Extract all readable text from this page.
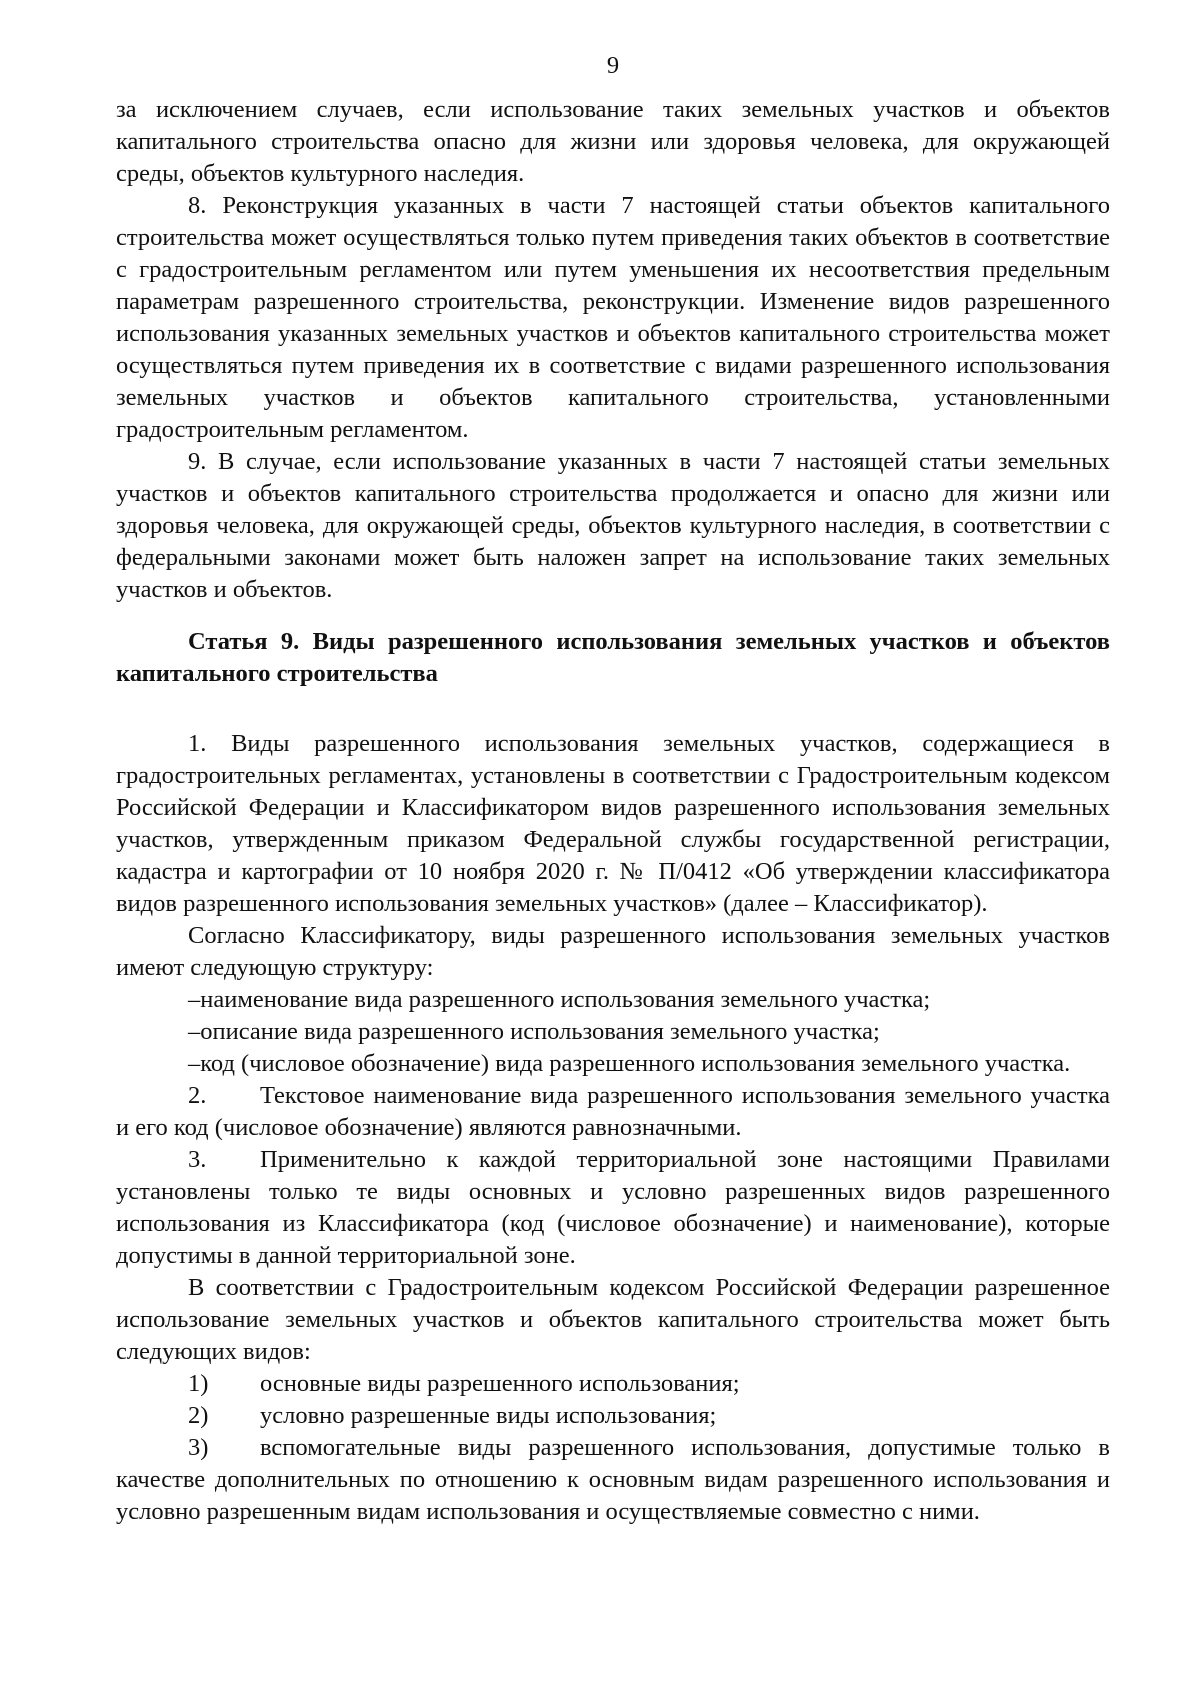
9

за исключением случаев, если использование таких земельных участков и объектов капитального строительства опасно для жизни или здоровья человека, для окружающей среды, объектов культурного наследия.

8. Реконструкция указанных в части 7 настоящей статьи объектов капитального строительства может осуществляться только путем приведения таких объектов в соответствие с градостроительным регламентом или путем уменьшения их несоответствия предельным параметрам разрешенного строительства, реконструкции. Изменение видов разрешенного использования указанных земельных участков и объектов капитального строительства может осуществляться путем приведения их в соответствие с видами разрешенного использования земельных участков и объектов капитального строительства, установленными градостроительным регламентом.

9. В случае, если использование указанных в части 7 настоящей статьи земельных участков и объектов капитального строительства продолжается и опасно для жизни или здоровья человека, для окружающей среды, объектов культурного наследия, в соответствии с федеральными законами может быть наложен запрет на использование таких земельных участков и объектов.

Статья 9. Виды разрешенного использования земельных участков и объектов капитального строительства

1. Виды разрешенного использования земельных участков, содержащиеся в градостроительных регламентах, установлены в соответствии с Градостроительным кодексом Российской Федерации и Классификатором видов разрешенного использования земельных участков, утвержденным приказом Федеральной службы государственной регистрации, кадастра и картографии от 10 ноября 2020 г. № П/0412 «Об утверждении классификатора видов разрешенного использования земельных участков» (далее – Классификатор).

Согласно Классификатору, виды разрешенного использования земельных участков имеют следующую структуру:

–наименование вида разрешенного использования земельного участка;

–описание вида разрешенного использования земельного участка;

–код (числовое обозначение) вида разрешенного использования земельного участка.

2. Текстовое наименование вида разрешенного использования земельного участка и его код (числовое обозначение) являются равнозначными.

3. Применительно к каждой территориальной зоне настоящими Правилами установлены только те виды основных и условно разрешенных видов разрешенного использования из Классификатора (код (числовое обозначение) и наименование), которые допустимы в данной территориальной зоне.

В соответствии с Градостроительным кодексом Российской Федерации разрешенное использование земельных участков и объектов капитального строительства может быть следующих видов:

1)	основные виды разрешенного использования;
2)	условно разрешенные виды использования;

3) вспомогательные виды разрешенного использования, допустимые только в качестве дополнительных по отношению к основным видам разрешенного использования и условно разрешенным видам использования и осуществляемые совместно с ними.
